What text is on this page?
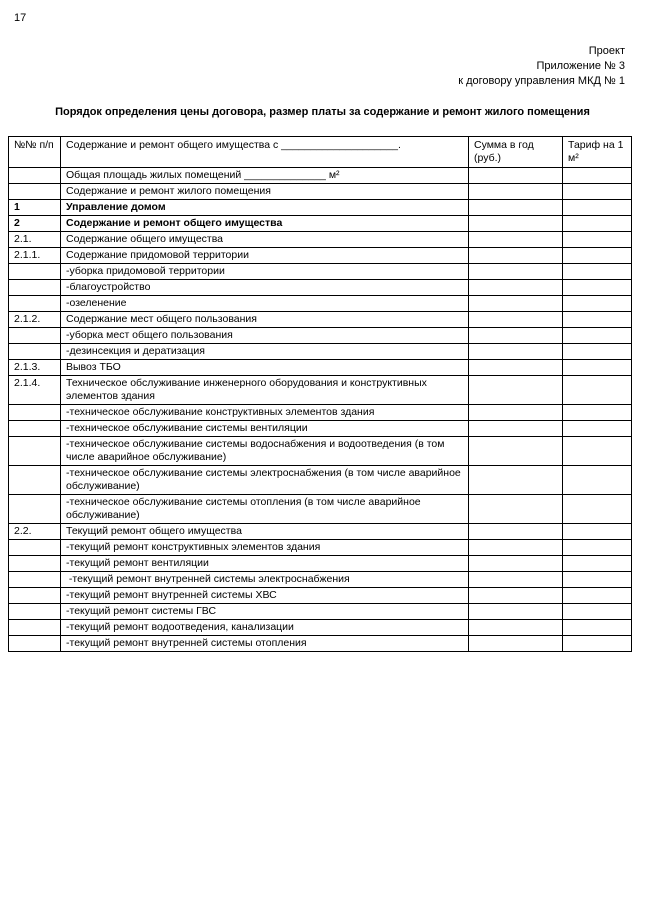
17
Проект
Приложение № 3
к договору управления МКД № 1
Порядок определения цены договора, размер платы за содержание и ремонт жилого помещения
№№ п/п	Содержание и ремонт общего имущества с ____________________.	Сумма в год (руб.)	Тариф на 1 м²
	Общая площадь жилых помещений ______________ м²		
	Содержание и ремонт жилого помещения		
1	Управление домом		
2	Содержание и ремонт общего имущества		
2.1.	Содержание общего имущества		
2.1.1.	Содержание придомовой территории		
	-уборка придомовой территории		
	-благоустройство		
	-озеленение		
2.1.2.	Содержание мест общего пользования		
	-уборка мест общего пользования		
	-дезинсекция и дератизация		
2.1.3.	Вывоз ТБО		
2.1.4.	Техническое обслуживание инженерного оборудования и конструктивных элементов здания		
	-техническое обслуживание конструктивных элементов здания		
	-техническое обслуживание системы вентиляции		
	-техническое обслуживание системы водоснабжения и водоотведения (в том числе аварийное обслуживание)		
	-техническое обслуживание системы электроснабжения (в том числе аварийное обслуживание)		
	-техническое обслуживание системы отопления (в том числе аварийное обслуживание)		
2.2.	Текущий ремонт общего имущества		
	-текущий ремонт конструктивных элементов здания		
	-текущий ремонт вентиляции		
	-текущий ремонт внутренней системы электроснабжения		
	-текущий ремонт внутренней системы ХВС		
	-текущий ремонт системы ГВС		
	-текущий ремонт водоотведения, канализации		
	-текущий ремонт внутренней системы отопления		
